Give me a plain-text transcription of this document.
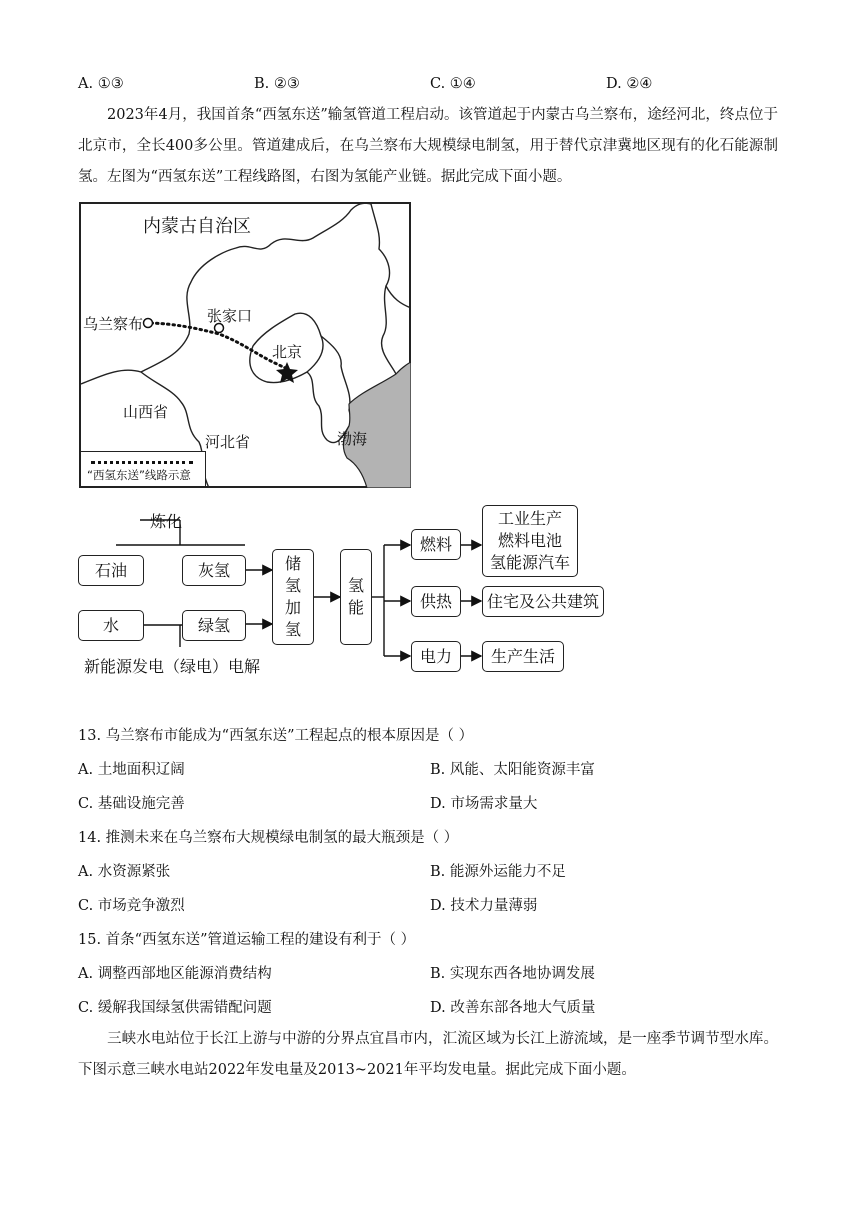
A. ①③	B. ②③	C. ①④	D. ②④
2023年4月，我国首条“西氢东送”输氢管道工程启动。该管道起于内蒙古乌兰察布，途经河北，终点位于北京市，全长400多公里。管道建成后，在乌兰察布大规模绿电制氢，用于替代京津冀地区现有的化石能源制氢。左图为“西氢东送”工程线路图，右图为氢能产业链。据此完成下面小题。
内蒙古自治区
乌兰察布	张家口
北京
山西省
河北省	渤海
“西氢东送”线路示意
炼化
石油	灰氢
水	绿氢
新能源发电（绿电）电解
储氢加氢
氢能
燃料
供热
电力
工业生产
燃料电池
氢能源汽车
住宅及公共建筑
生产生活
13. 乌兰察布市能成为“西氢东送”工程起点的根本原因是（ ）
A. 土地面积辽阔	B. 风能、太阳能资源丰富
C. 基础设施完善	D. 市场需求量大
14. 推测未来在乌兰察布大规模绿电制氢的最大瓶颈是（ ）
A. 水资源紧张	B. 能源外运能力不足
C. 市场竞争激烈	D. 技术力量薄弱
15. 首条“西氢东送”管道运输工程的建设有利于（ ）
A. 调整西部地区能源消费结构	B. 实现东西各地协调发展
C. 缓解我国绿氢供需错配问题	D. 改善东部各地大气质量
三峡水电站位于长江上游与中游的分界点宜昌市内，汇流区域为长江上游流域，是一座季节调节型水库。下图示意三峡水电站2022年发电量及2013~2021年平均发电量。据此完成下面小题。
